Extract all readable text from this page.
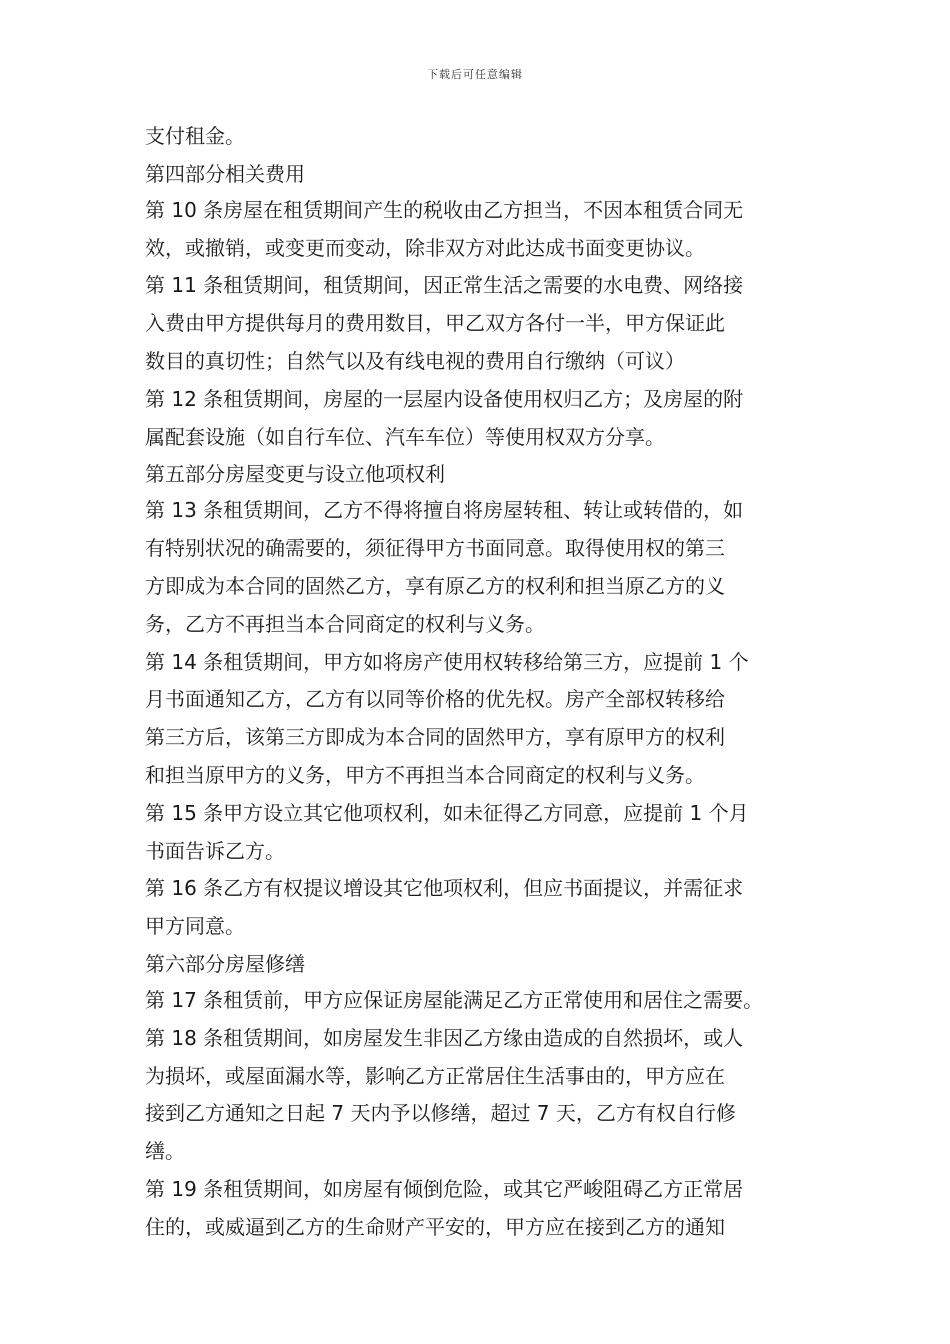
下载后可任意编辑
支付租金。
第四部分相关费用
第 10 条房屋在租赁期间产生的税收由乙方担当，不因本租赁合同无
效，或撤销，或变更而变动，除非双方对此达成书面变更协议。
第 11 条租赁期间，租赁期间，因正常生活之需要的水电费、网络接
入费由甲方提供每月的费用数目，甲乙双方各付一半，甲方保证此
数目的真切性；自然气以及有线电视的费用自行缴纳（可议）
第 12 条租赁期间，房屋的一层屋内设备使用权归乙方；及房屋的附
属配套设施（如自行车位、汽车车位）等使用权双方分享。
第五部分房屋变更与设立他项权利
第 13 条租赁期间，乙方不得将擅自将房屋转租、转让或转借的，如
有特别状况的确需要的，须征得甲方书面同意。取得使用权的第三
方即成为本合同的固然乙方，享有原乙方的权利和担当原乙方的义
务，乙方不再担当本合同商定的权利与义务。
第 14 条租赁期间，甲方如将房产使用权转移给第三方，应提前 1 个
月书面通知乙方，乙方有以同等价格的优先权。房产全部权转移给
第三方后，该第三方即成为本合同的固然甲方，享有原甲方的权利
和担当原甲方的义务，甲方不再担当本合同商定的权利与义务。
第 15 条甲方设立其它他项权利，如未征得乙方同意，应提前 1 个月
书面告诉乙方。
第 16 条乙方有权提议增设其它他项权利，但应书面提议，并需征求
甲方同意。
第六部分房屋修缮
第 17 条租赁前，甲方应保证房屋能满足乙方正常使用和居住之需要。
第 18 条租赁期间，如房屋发生非因乙方缘由造成的自然损坏，或人
为损坏，或屋面漏水等，影响乙方正常居住生活事由的，甲方应在
接到乙方通知之日起 7 天内予以修缮，超过 7 天，乙方有权自行修
缮。
第 19 条租赁期间，如房屋有倾倒危险，或其它严峻阻碍乙方正常居
住的，或威逼到乙方的生命财产平安的，甲方应在接到乙方的通知
